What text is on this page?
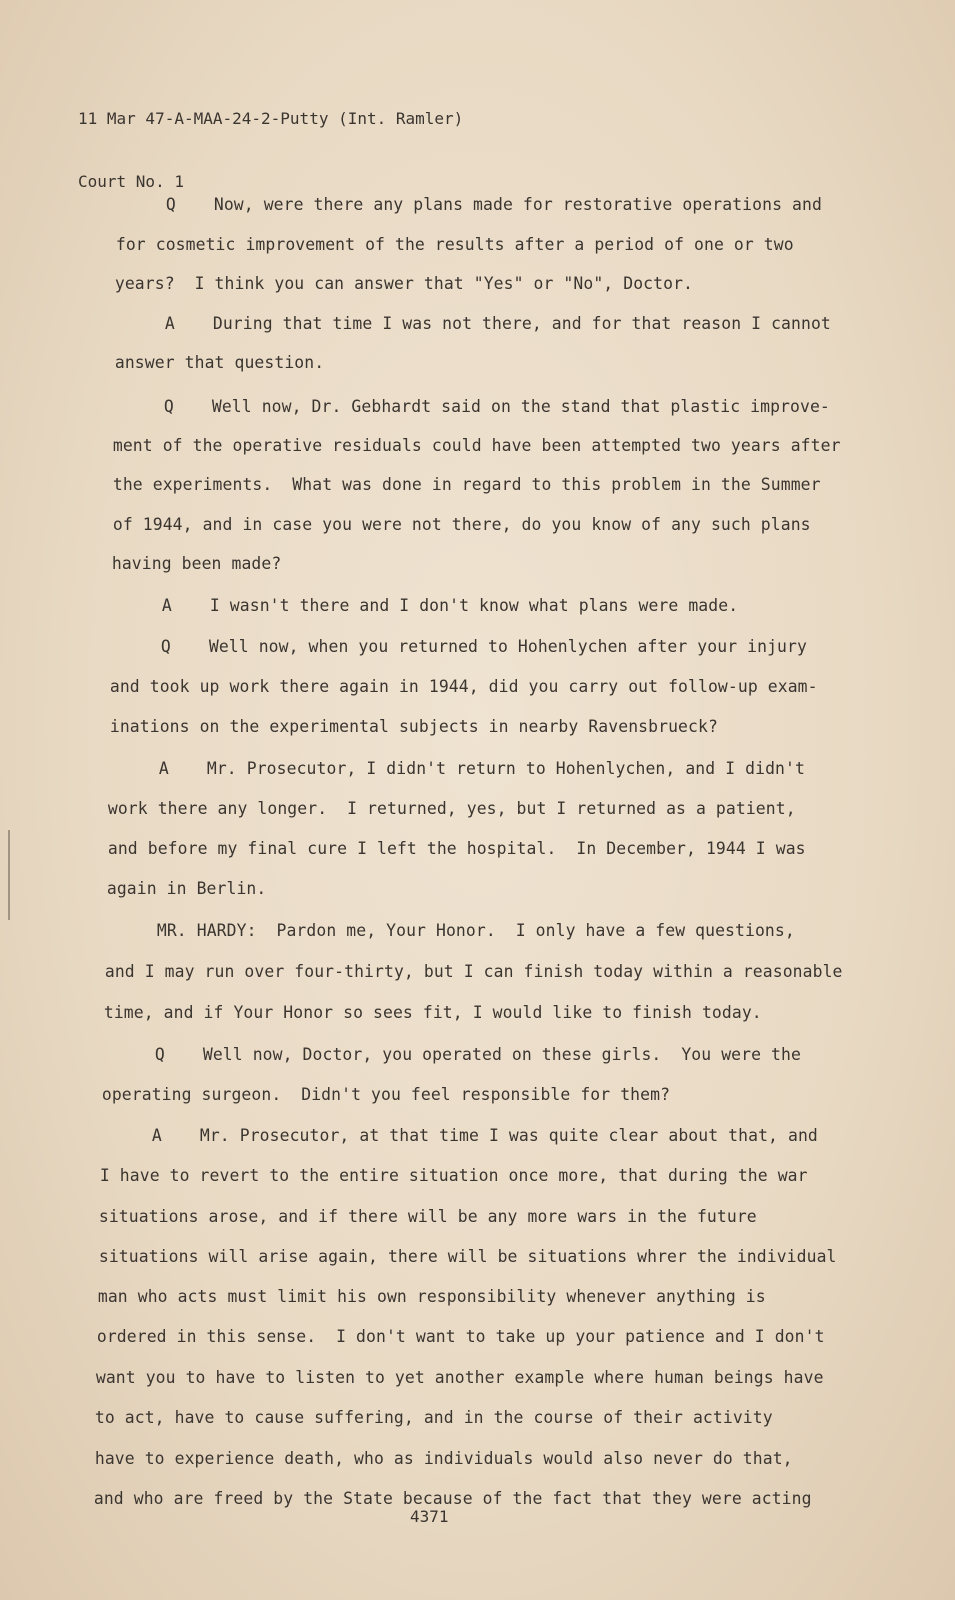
11 Mar 47-A-MAA-24-2-Putty (Int. Ramler)

Court No. 1

Q Now, were there any plans made for restorative operations and

for cosmetic improvement of the results after a period of one or two

years?  I think you can answer that "Yes" or "No", Doctor.

A During that time I was not there, and for that reason I cannot

answer that question.

Q Well now, Dr. Gebhardt said on the stand that plastic improve-

ment of the operative residuals could have been attempted two years after

the experiments.  What was done in regard to this problem in the Summer

of 1944, and in case you were not there, do you know of any such plans

having been made?

A I wasn't there and I don't know what plans were made.

Q Well now, when you returned to Hohenlychen after your injury

and took up work there again in 1944, did you carry out follow-up exam-

inations on the experimental subjects in nearby Ravensbrueck?

A Mr. Prosecutor, I didn't return to Hohenlychen, and I didn't

work there any longer.  I returned, yes, but I returned as a patient,

and before my final cure I left the hospital.  In December, 1944 I was

again in Berlin.

MR. HARDY: Pardon me, Your Honor.  I only have a few questions,

and I may run over four-thirty, but I can finish today within a reasonable

time, and if Your Honor so sees fit, I would like to finish today.

Q Well now, Doctor, you operated on these girls.  You were the

operating surgeon.  Didn't you feel responsible for them?

A Mr. Prosecutor, at that time I was quite clear about that, and

I have to revert to the entire situation once more, that during the war

situations arose, and if there will be any more wars in the future

situations will arise again, there will be situations whrer the individual

man who acts must limit his own responsibility whenever anything is

ordered in this sense.  I don't want to take up your patience and I don't

want you to have to listen to yet another example where human beings have

to act, have to cause suffering, and in the course of their activity

have to experience death, who as individuals would also never do that,

and who are freed by the State because of the fact that they were acting

4371
